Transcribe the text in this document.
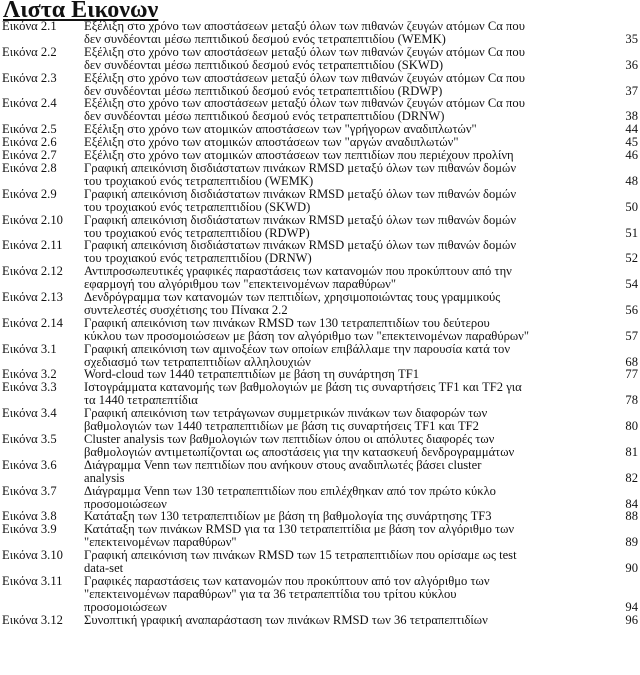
Λιστα Εικονων
Εικόνα 2.1 Εξέλιξη στο χρόνο των αποστάσεων μεταξύ όλων των πιθανών ζευγών ατόμων Cα που
δεν συνδέονται μέσω πεπτιδικού δεσμού ενός τετραπεπτιδίου (WEMK)	35
Εικόνα 2.2 Εξέλιξη στο χρόνο των αποστάσεων μεταξύ όλων των πιθανών ζευγών ατόμων Cα που
δεν συνδέονται μέσω πεπτιδικού δεσμού ενός τετραπεπτιδίου (SKWD)	36
Εικόνα 2.3 Εξέλιξη στο χρόνο των αποστάσεων μεταξύ όλων των πιθανών ζευγών ατόμων Cα που
δεν συνδέονται μέσω πεπτιδικού δεσμού ενός τετραπεπτιδίου (RDWP)	37
Εικόνα 2.4 Εξέλιξη στο χρόνο των αποστάσεων μεταξύ όλων των πιθανών ζευγών ατόμων Cα που
δεν συνδέονται μέσω πεπτιδικού δεσμού ενός τετραπεπτιδίου (DRNW)	38
Εικόνα 2.5 Εξέλιξη στο χρόνο των ατομικών αποστάσεων των "γρήγορων αναδιπλωτών"	44
Εικόνα 2.6 Εξέλιξη στο χρόνο των ατομικών αποστάσεων των "αργών αναδιπλωτών"	45
Εικόνα 2.7 Εξέλιξη στο χρόνο των ατομικών αποστάσεων των πεπτιδίων που περιέχουν προλίνη	46
Εικόνα 2.8 Γραφική απεικόνιση δισδιάστατων πινάκων RMSD μεταξύ όλων των πιθανών δομών
του τροχιακού ενός τετραπεπτιδίου (WEMK)	48
Εικόνα 2.9 Γραφική απεικόνιση δισδιάστατων πινάκων RMSD μεταξύ όλων των πιθανών δομών
του τροχιακού ενός τετραπεπτιδίου (SKWD)	50
Εικόνα 2.10 Γραφική απεικόνιση δισδιάστατων πινάκων RMSD μεταξύ όλων των πιθανών δομών
του τροχιακού ενός τετραπεπτιδίου (RDWP)	51
Εικόνα 2.11 Γραφική απεικόνιση δισδιάστατων πινάκων RMSD μεταξύ όλων των πιθανών δομών
του τροχιακού ενός τετραπεπτιδίου (DRNW)	52
Εικόνα 2.12 Αντιπροσωπευτικές γραφικές παραστάσεις των κατανομών που προκύπτουν από την
εφαρμογή του αλγόριθμου των "επεκτεινομένων παραθύρων"	54
Εικόνα 2.13 Δενδρόγραμμα των κατανομών των πεπτιδίων, χρησιμοποιώντας τους γραμμικούς
συντελεστές συσχέτισης του Πίνακα 2.2	56
Εικόνα 2.14 Γραφική απεικόνιση των πινάκων RMSD των 130 τετραπεπτιδίων του δεύτερου
κύκλου των προσομοιώσεων με βάση τον αλγόριθμο των "επεκτεινομένων παραθύρων"	57
Εικόνα 3.1 Γραφική απεικόνιση των αμινοξέων των οποίων επιβάλλαμε την παρουσία κατά τον
σχεδιασμό των τετραπεπτιδίων αλληλουχιών	68
Εικόνα 3.2 Word-cloud των 1440 τετραπεπτιδίων με βάση τη συνάρτηση TF1	77
Εικόνα 3.3 Ιστογράμματα κατανομής των βαθμολογιών με βάση τις συναρτήσεις TF1 και TF2 για
τα 1440 τετραπεπτίδια	78
Εικόνα 3.4 Γραφική απεικόνιση των τετράγωνων συμμετρικών πινάκων των διαφορών των
βαθμολογιών των 1440 τετραπεπτιδίων με βάση τις συναρτήσεις TF1 και TF2	80
Εικόνα 3.5 Cluster analysis των βαθμολογιών των πεπτιδίων όπου οι απόλυτες διαφορές των
βαθμολογιών αντιμετωπίζονται ως αποστάσεις για την κατασκευή δενδρογραμμάτων	81
Εικόνα 3.6 Διάγραμμα Venn των πεπτιδίων που ανήκουν στους αναδιπλωτές βάσει cluster
analysis	82
Εικόνα 3.7 Διάγραμμα Venn των 130 τετραπεπτιδίων που επιλέχθηκαν από τον πρώτο κύκλο
προσομοιώσεων	84
Εικόνα 3.8 Κατάταξη των 130 τετραπεπτιδίων με βάση τη βαθμολογία της συνάρτησης TF3	88
Εικόνα 3.9 Κατάταξη των πινάκων RMSD για τα 130 τετραπεπτίδια με βάση τον αλγόριθμο των
"επεκτεινομένων παραθύρων"	89
Εικόνα 3.10 Γραφική απεικόνιση των πινάκων RMSD των 15 τετραπεπτιδίων που ορίσαμε ως test
data-set	90
Εικόνα 3.11 Γραφικές παραστάσεις των κατανομών που προκύπτουν από τον αλγόριθμο των
"επεκτεινομένων παραθύρων" για τα 36 τετραπεπτίδια του τρίτου κύκλου
προσομοιώσεων	94
Εικόνα 3.12 Συνοπτική γραφική αναπαράσταση των πινάκων RMSD των 36 τετραπεπτιδίων	96
